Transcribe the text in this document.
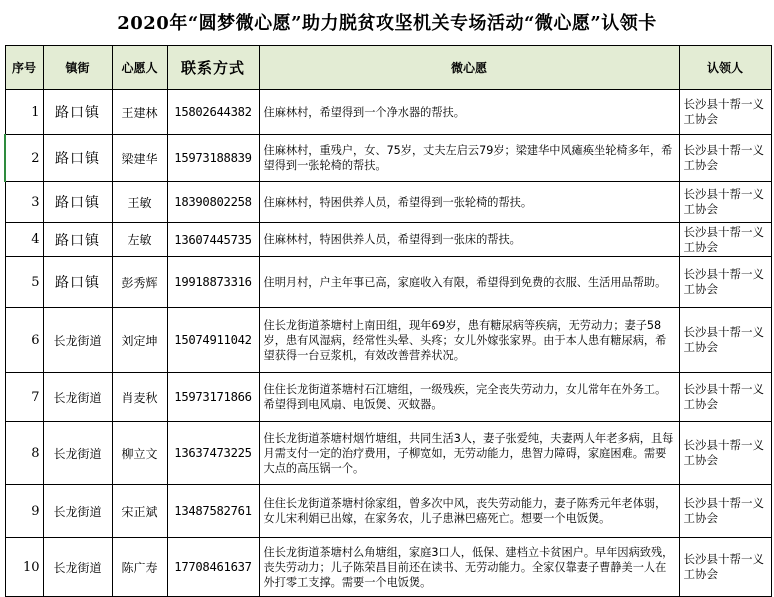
2020年“圆梦微心愿”助力脱贫攻坚机关专场活动“微心愿”认领卡
序号	镇街	心愿人	联系方式	微心愿	认领人
1	路口镇	王建林	15802644382	住麻林村，希望得到一个净水器的帮扶。	长沙县十帮一义工协会
2	路口镇	梁建华	15973188839	住麻林村，重残户，女、75岁，丈夫左启云79岁；梁建华中风瘫痪坐轮椅多年，希望得到一张轮椅的帮扶。	长沙县十帮一义工协会
3	路口镇	王敏	18390802258	住麻林村，特困供养人员，希望得到一张轮椅的帮扶。	长沙县十帮一义工协会
4	路口镇	左敏	13607445735	住麻林村，特困供养人员，希望得到一张床的帮扶。	长沙县十帮一义工协会
5	路口镇	彭秀辉	19918873316	住明月村，户主年事已高，家庭收入有限，希望得到免费的衣服、生活用品帮助。	长沙县十帮一义工协会
6	长龙街道	刘定坤	15074911042	住长龙街道茶塘村上南田组，现年69岁，患有糖尿病等疾病，无劳动力；妻子58岁，患有风湿病，经常性头晕、头疼；女儿外嫁张家界。由于本人患有糖尿病，希望获得一台豆浆机，有效改善营养状况。	长沙县十帮一义工协会
7	长龙街道	肖麦秋	15973171866	住住长龙街道茶塘村石江塘组，一级残疾，完全丧失劳动力，女儿常年在外务工。希望得到电风扇、电饭煲、灭蚊器。	长沙县十帮一义工协会
8	长龙街道	柳立文	13637473225	住长龙街道茶塘村烟竹塘组，共同生活3人，妻子张爱纯，夫妻两人年老多病，且每月需支付一定的治疗费用，子柳宽如，无劳动能力，患智力障碍，家庭困难。需要大点的高压锅一个。	长沙县十帮一义工协会
9	长龙街道	宋正斌	13487582761	住住长龙街道茶塘村徐家组，曾多次中风，丧失劳动能力，妻子陈秀元年老体弱，女儿宋利娟已出嫁，在家务农，儿子患淋巴癌死亡。想要一个电饭煲。	长沙县十帮一义工协会
10	长龙街道	陈广寿	17708461637	住长龙街道茶塘村么角塘组，家庭3口人，低保、建档立卡贫困户。早年因病致残，丧失劳动力；儿子陈荣昌目前还在读书、无劳动能力。全家仅靠妻子曹静美一人在外打零工支撑。需要一个电饭煲。	长沙县十帮一义工协会
